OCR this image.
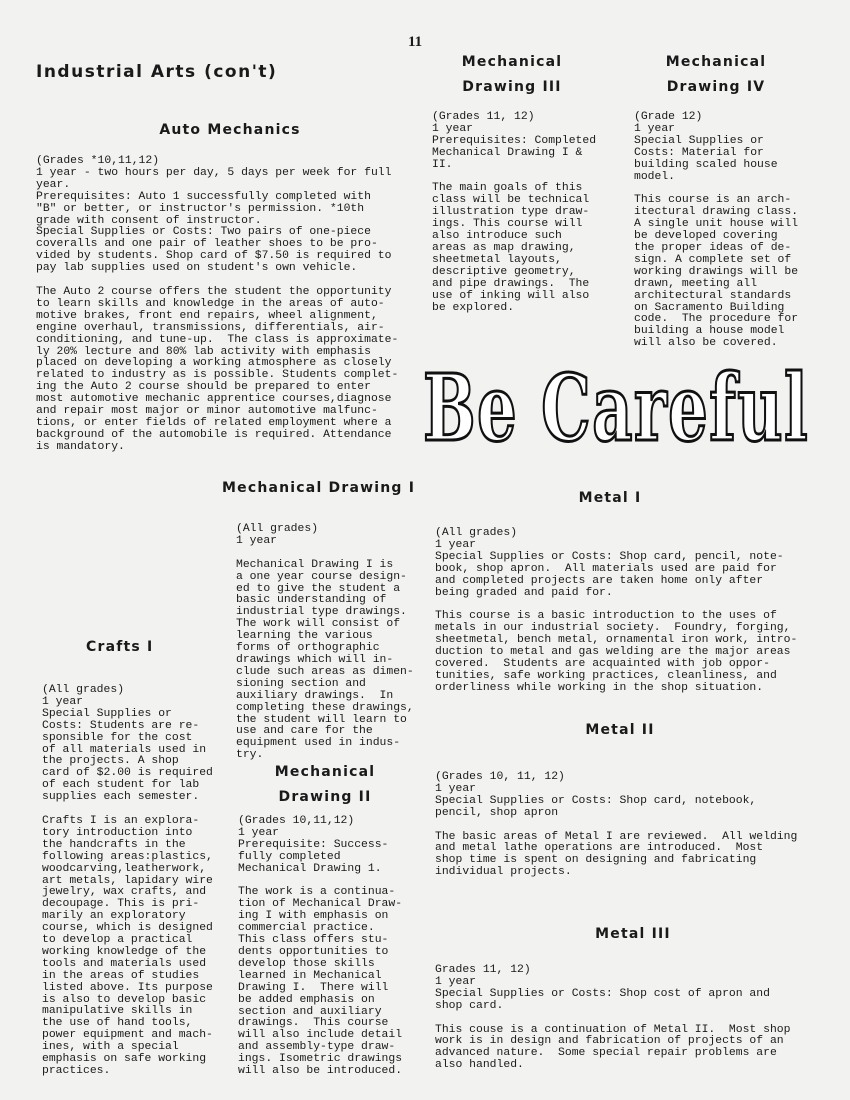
11
Industrial Arts (con't)
Auto Mechanics
(Grades *10,11,12)
1 year - two hours per day, 5 days per week for full
year.
Prerequisites: Auto 1 successfully completed with
"B" or better, or instructor's permission. *10th
grade with consent of instructor.
Special Supplies or Costs: Two pairs of one-piece
coveralls and one pair of leather shoes to be pro-
vided by students. Shop card of $7.50 is required to
pay lab supplies used on student's own vehicle.

The Auto 2 course offers the student the opportunity
to learn skills and knowledge in the areas of auto-
motive brakes, front end repairs, wheel alignment,
engine overhaul, transmissions, differentials, air-
conditioning, and tune-up.  The class is approximate-
ly 20% lecture and 80% lab activity with emphasis
placed on developing a working atmosphere as closely
related to industry as is possible. Students complet-
ing the Auto 2 course should be prepared to enter
most automotive mechanic apprentice courses,diagnose
and repair most major or minor automotive malfunc-
tions, or enter fields of related employment where a
background of the automobile is required. Attendance
is mandatory.
Mechanical
Drawing III
(Grades 11, 12)
1 year
Prerequisites: Completed
Mechanical Drawing I &
II.

The main goals of this
class will be technical
illustration type draw-
ings. This course will
also introduce such
areas as map drawing,
sheetmetal layouts,
descriptive geometry,
and pipe drawings.  The
use of inking will also
be explored.
Mechanical
Drawing IV
(Grade 12)
1 year
Special Supplies or
Costs: Material for
building scaled house
model.

This course is an arch-
itectural drawing class.
A single unit house will
be developed covering
the proper ideas of de-
sign. A complete set of
working drawings will be
drawn, meeting all
architectural standards
on Sacramento Building
code.  The procedure for
building a house model
will also be covered.
Be Careful
Mechanical Drawing I
(All grades)
1 year

Mechanical Drawing I is
a one year course design-
ed to give the student a
basic understanding of
industrial type drawings.
The work will consist of
learning the various
forms of orthographic
drawings which will in-
clude such areas as dimen-
sioning section and
auxiliary drawings.  In
completing these drawings,
the student will learn to
use and care for the
equipment used in indus-
try.
Mechanical
Drawing II
(Grades 10,11,12)
1 year
Prerequisite: Success-
fully completed
Mechanical Drawing 1.

The work is a continua-
tion of Mechanical Draw-
ing I with emphasis on
commercial practice.
This class offers stu-
dents opportunities to
develop those skills
learned in Mechanical
Drawing I.  There will
be added emphasis on
section and auxiliary
drawings.  This course
will also include detail
and assembly-type draw-
ings. Isometric drawings
will also be introduced.
Crafts I
(All grades)
1 year
Special Supplies or
Costs: Students are re-
sponsible for the cost
of all materials used in
the projects. A shop
card of $2.00 is required
of each student for lab
supplies each semester.

Crafts I is an explora-
tory introduction into
the handcrafts in the
following areas:plastics,
woodcarving,leatherwork,
art metals, lapidary wire
jewelry, wax crafts, and
decoupage. This is pri-
marily an exploratory
course, which is designed
to develop a practical
working knowledge of the
tools and materials used
in the areas of studies
listed above. Its purpose
is also to develop basic
manipulative skills in
the use of hand tools,
power equipment and mach-
ines, with a special
emphasis on safe working
practices.
Metal I
(All grades)
1 year
Special Supplies or Costs: Shop card, pencil, note-
book, shop apron.  All materials used are paid for
and completed projects are taken home only after
being graded and paid for.

This course is a basic introduction to the uses of
metals in our industrial society.  Foundry, forging,
sheetmetal, bench metal, ornamental iron work, intro-
duction to metal and gas welding are the major areas
covered.  Students are acquainted with job oppor-
tunities, safe working practices, cleanliness, and
orderliness while working in the shop situation.
Metal II
(Grades 10, 11, 12)
1 year
Special Supplies or Costs: Shop card, notebook,
pencil, shop apron

The basic areas of Metal I are reviewed.  All welding
and metal lathe operations are introduced.  Most
shop time is spent on designing and fabricating
individual projects.
Metal III
Grades 11, 12)
1 year
Special Supplies or Costs: Shop cost of apron and
shop card.

This couse is a continuation of Metal II.  Most shop
work is in design and fabrication of projects of an
advanced nature.  Some special repair problems are
also handled.
